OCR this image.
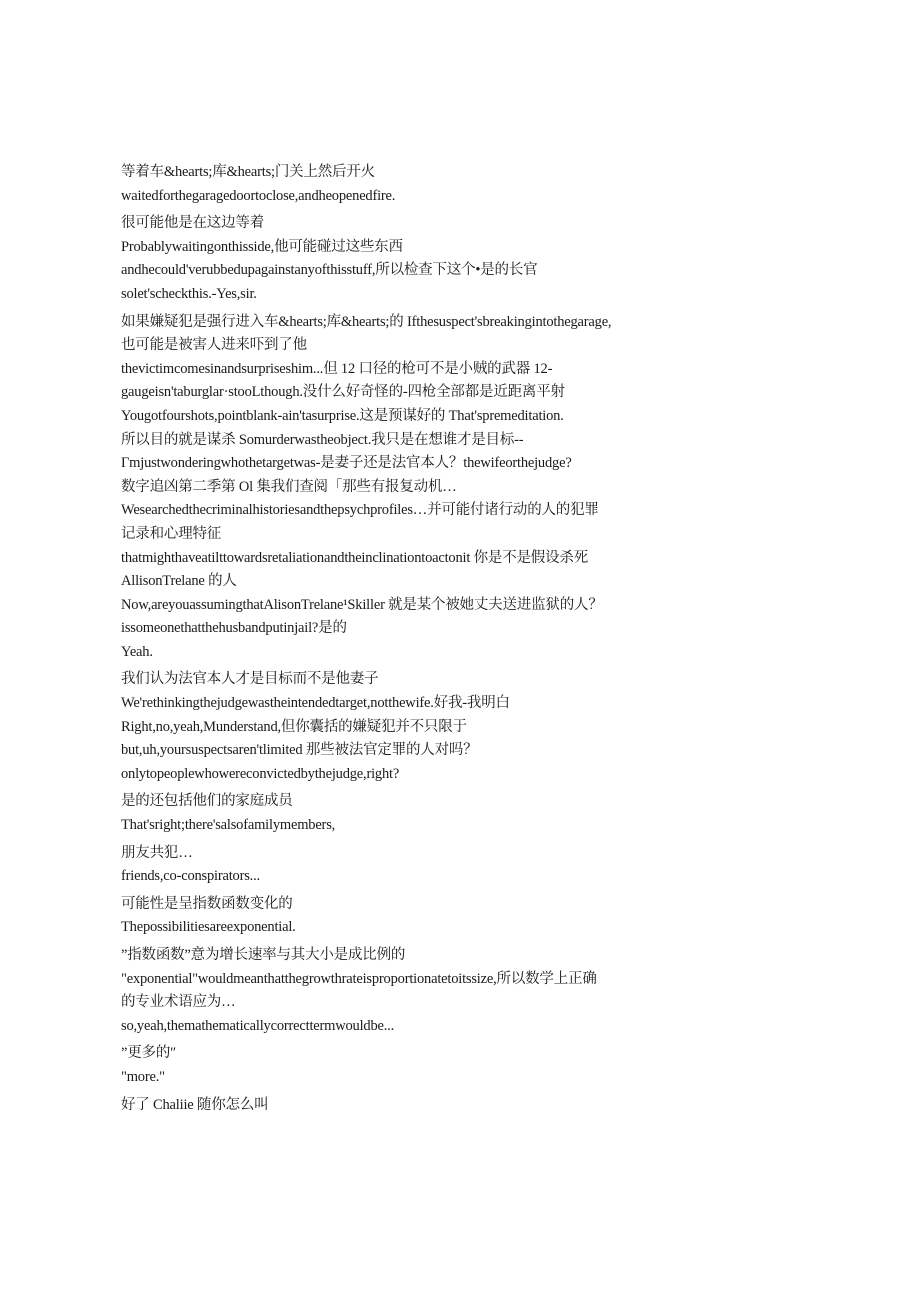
等着车&hearts;库&hearts;门关上然后开火
waitedforthegaragedoortoclose,andheopenedfire.
很可能他是在这边等着
Probablywaitingonthisside,他可能碰过这些东西
andhecould'verubbedupagainstanyofthisstuff,所以检查下这个•是的长官
solet'scheckthis.-Yes,sir.
如果嫌疑犯是强行进入车&hearts;库&hearts;的 Ifthesuspect'sbreakingintothegarage,
也可能是被害人进来吓到了他
thevictimcomesinandsurpriseshim...但 12 口径的枪可不是小贼的武器 12-
gaugeisn'taburglar·stooLthough.没什么好奇怪的-四枪全部都是近距离平射
Yougotfourshots,pointblank-ain'tasurprise.这是预谋好的 That'spremeditation.
所以目的就是谋杀 Somurderwastheobject.我只是在想谁才是目标--
Γmjustwonderingwhothetargetwas-是妻子还是法官本人？thewifeorthejudge?
数字追凶第二季第 Ol 集我们查阅「那些有报复动机…
Wesearchedthecriminalhistoriesandthepsychprofiles…并可能付诸行动的人的犯罪
记录和心理特征
thatmighthaveatilttowardsretaliationandtheinclinationtoactonit 你是不是假设杀死
AllisonTrelane 的人
Now,areyouassumingthatAlisonTrelane¹Skiller 就是某个被她丈夫送进监狱的人？
issomeonethatthehusbandputinjail?是的
Yeah.
我们认为法官本人才是目标而不是他妻子
We'rethinkingthejudgewastheintendedtarget,notthewife.好我-我明白
Right,no,yeah,Munderstand,但你囊括的嫌疑犯并不只限于
but,uh,yoursuspectsaren'tlimited 那些被法官定罪的人对吗？
onlytopeoplewhowereconvictedbythejudge,right?
是的还包括他们的家庭成员
That'sright;there'salsofamilymembers,
朋友共犯…
friends,co-conspirators...
可能性是呈指数函数变化的
Thepossibilitiesareexponential.
”指数函数”意为增长速率与其大小是成比例的
"exponential"wouldmeanthatthegrowthrateisproportionatetoitssize,所以数学上正确
的专业术语应为…
so,yeah,themathematicallycorrecttermwouldbe...
”更多的″
"more."
好了 Chaliie 随你怎么叫
